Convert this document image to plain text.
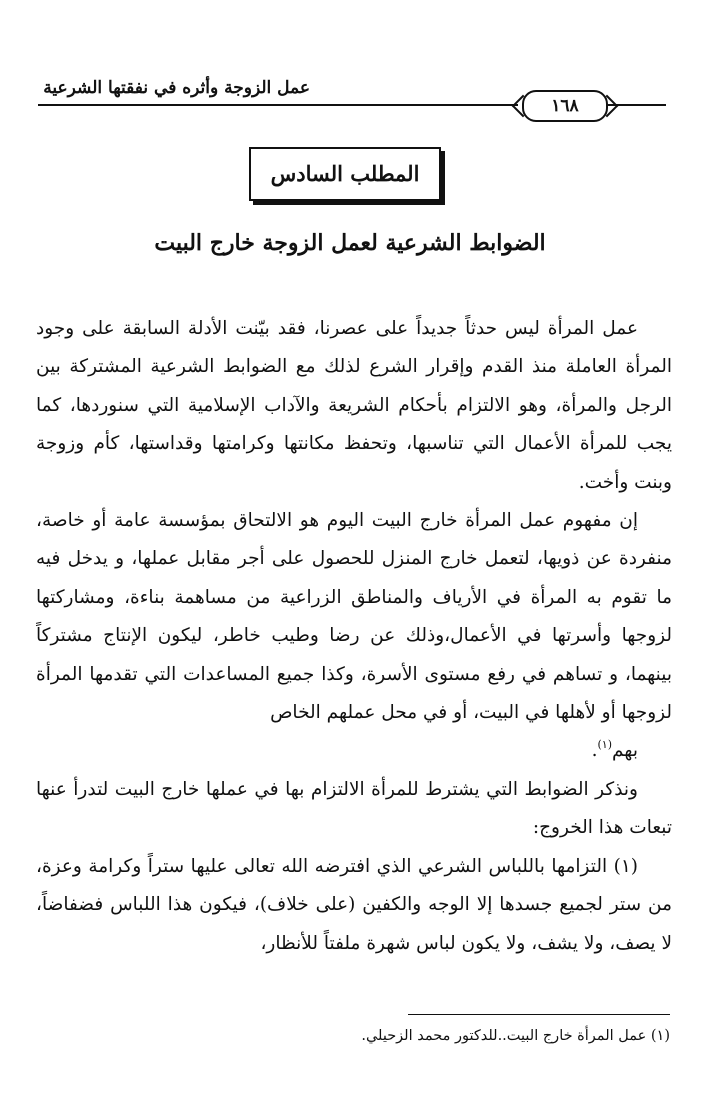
عمل الزوجة وأثره في نفقتها الشرعية
١٦٨
المطلب السادس
الضوابط الشرعية لعمل الزوجة خارج البيت

عمل المرأة ليس حدثاً جديداً على عصرنا، فقد بيّنت الأدلة السابقة على وجود المرأة العاملة منذ القدم وإقرار الشرع لذلك مع الضوابط الشرعية المشتركة بين الرجل والمرأة، وهو الالتزام بأحكام الشريعة والآداب الإسلامية التي سنوردها، كما يجب للمرأة الأعمال التي تناسبها، وتحفظ مكانتها وكرامتها وقداستها، كأم وزوجة وبنت وأخت.

إن مفهوم عمل المرأة خارج البيت اليوم هو الالتحاق بمؤسسة عامة أو خاصة، منفردة عن ذويها، لتعمل خارج المنزل للحصول على أجر مقابل عملها، و يدخل فيه ما تقوم به المرأة في الأرياف والمناطق الزراعية من مساهمة بناءة، ومشاركتها لزوجها وأسرتها في الأعمال،وذلك عن رضا وطيب خاطر، ليكون الإنتاج مشتركاً بينهما، و تساهم في رفع مستوى الأسرة، وكذا جميع المساعدات التي تقدمها المرأة لزوجها أو لأهلها في البيت، أو في محل عملهم الخاص
بهم$^{(١)}$.

ونذكر الضوابط التي يشترط للمرأة الالتزام بها في عملها خارج البيت لتدرأ عنها تبعات هذا الخروج:

(١) التزامها باللباس الشرعي الذي افترضه الله تعالى عليها ستراً وكرامة وعزة، من ستر لجميع جسدها إلا الوجه والكفين (على خلاف)، فيكون هذا اللباس فضفاضاً، لا يصف، ولا يشف، ولا يكون لباس شهرة ملفتاً للأنظار،

(١) عمل المرأة خارج البيت..للدكتور محمد الزحيلي.
